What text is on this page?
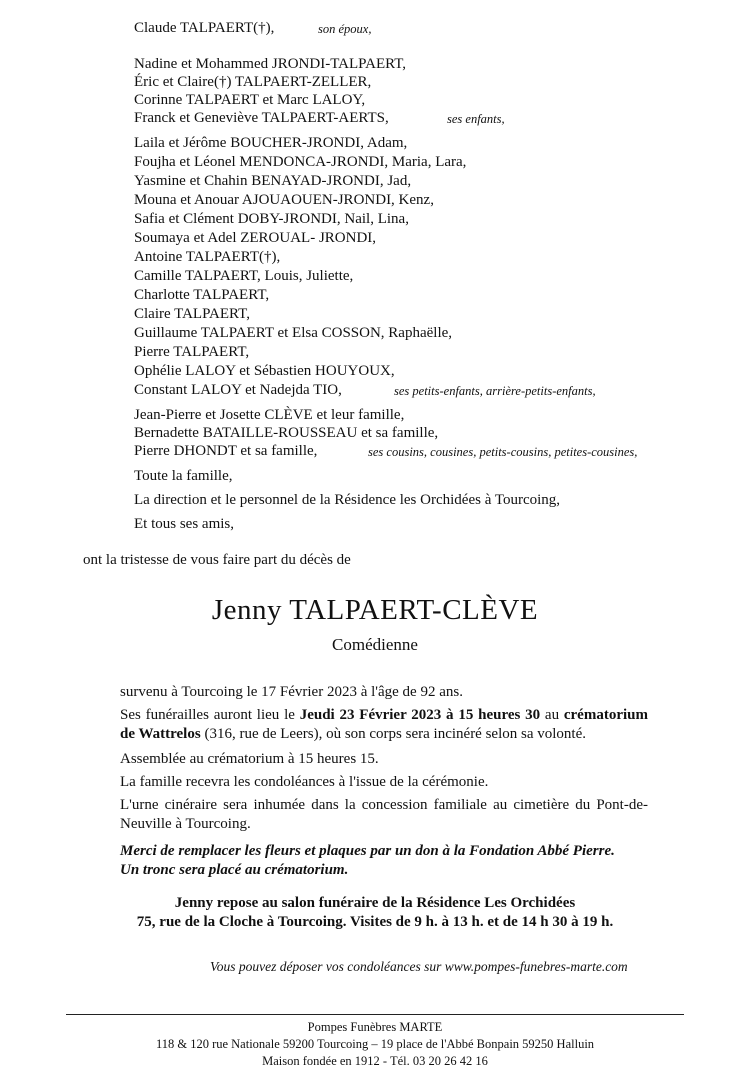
Claude TALPAERT(†),	son époux,
Nadine et Mohammed JRONDI-TALPAERT,
Éric et Claire(†) TALPAERT-ZELLER,
Corinne TALPAERT et Marc LALOY,
Franck et Geneviève TALPAERT-AERTS,	ses enfants,
Laila et Jérôme BOUCHER-JRONDI, Adam,
Foujha et Léonel MENDONCA-JRONDI, Maria, Lara,
Yasmine et Chahin BENAYAD-JRONDI, Jad,
Mouna et Anouar AJOUAOUEN-JRONDI, Kenz,
Safia et Clément DOBY-JRONDI, Nail, Lina,
Soumaya et Adel ZEROUAL- JRONDI,
Antoine TALPAERT(†),
Camille TALPAERT, Louis, Juliette,
Charlotte TALPAERT,
Claire TALPAERT,
Guillaume TALPAERT et Elsa COSSON, Raphaëlle,
Pierre TALPAERT,
Ophélie LALOY et Sébastien HOUYOUX,
Constant LALOY et Nadejda TIO,	ses petits-enfants, arrière-petits-enfants,
Jean-Pierre et Josette CLÈVE et leur famille,
Bernadette BATAILLE-ROUSSEAU et sa famille,
Pierre DHONDT et sa famille,	ses cousins, cousines, petits-cousins, petites-cousines,
Toute la famille,
La direction et le personnel de la Résidence les Orchidées à Tourcoing,
Et tous ses amis,
ont la tristesse de vous faire part du décès de
Jenny TALPAERT-CLÈVE
Comédienne
survenu à Tourcoing le 17 Février 2023 à l'âge de 92 ans.
Ses funérailles auront lieu le Jeudi 23 Février 2023 à 15 heures 30 au crématorium de Wattrelos (316, rue de Leers), où son corps sera incinéré selon sa volonté.
Assemblée au crématorium à 15 heures 15.
La famille recevra les condoléances à l'issue de la cérémonie.
L'urne cinéraire sera inhumée dans la concession familiale au cimetière du Pont-de-Neuville à Tourcoing.
Merci de remplacer les fleurs et plaques par un don à la Fondation Abbé Pierre.
Un tronc sera placé au crématorium.
Jenny repose au salon funéraire de la Résidence Les Orchidées
75, rue de la Cloche à Tourcoing. Visites de 9 h. à 13 h. et de 14 h 30 à 19 h.
Vous pouvez déposer vos condoléances sur www.pompes-funebres-marte.com
Pompes Funèbres MARTE
118 & 120 rue Nationale 59200 Tourcoing – 19 place de l'Abbé Bonpain 59250 Halluin
Maison fondée en 1912 - Tél. 03 20 26 42 16
